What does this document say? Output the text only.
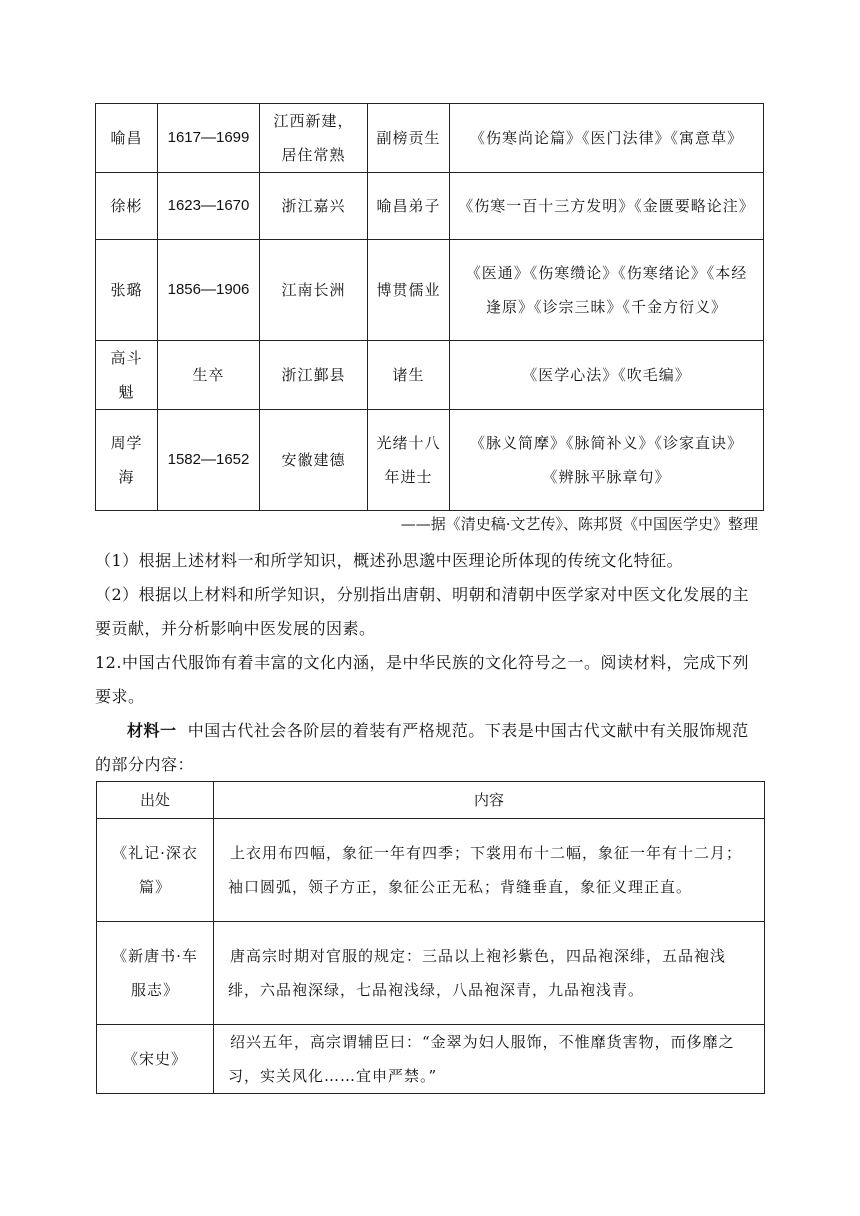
喻昌	1617—1699	江西新建，居住常熟	副榜贡生	《伤寒尚论篇》《医门法律》《寓意草》
徐彬	1623—1670	浙江嘉兴	喻昌弟子	《伤寒一百十三方发明》《金匮要略论注》
张璐	1856—1906	江南长洲	博贯儒业	《医通》《伤寒缵论》《伤寒绪论》《本经逢原》《诊宗三昧》《千金方衍义》
高斗魁	生卒	浙江鄞县	诸生	《医学心法》《吹毛编》
周学海	1582—1652	安徽建德	光绪十八年进士	《脉义简摩》《脉简补义》《诊家直诀》《辨脉平脉章句》
——据《清史稿·文艺传》、陈邦贤《中国医学史》整理
（1）根据上述材料一和所学知识，概述孙思邈中医理论所体现的传统文化特征。
（2）根据以上材料和所学知识，分别指出唐朝、明朝和清朝中医学家对中医文化发展的主要贡献，并分析影响中医发展的因素。
12.中国古代服饰有着丰富的文化内涵，是中华民族的文化符号之一。阅读材料，完成下列要求。
材料一 中国古代社会各阶层的着装有严格规范。下表是中国古代文献中有关服饰规范的部分内容：
出处	内容
《礼记·深衣篇》	上衣用布四幅，象征一年有四季；下裳用布十二幅，象征一年有十二月；袖口圆弧，领子方正，象征公正无私；背缝垂直，象征义理正直。
《新唐书·车服志》	唐高宗时期对官服的规定：三品以上袍衫紫色，四品袍深绯，五品袍浅绯，六品袍深绿，七品袍浅绿，八品袍深青，九品袍浅青。
《宋史》	绍兴五年，高宗谓辅臣曰：“金翠为妇人服饰，不惟靡货害物，而侈靡之习，实关风化……宜申严禁。”
